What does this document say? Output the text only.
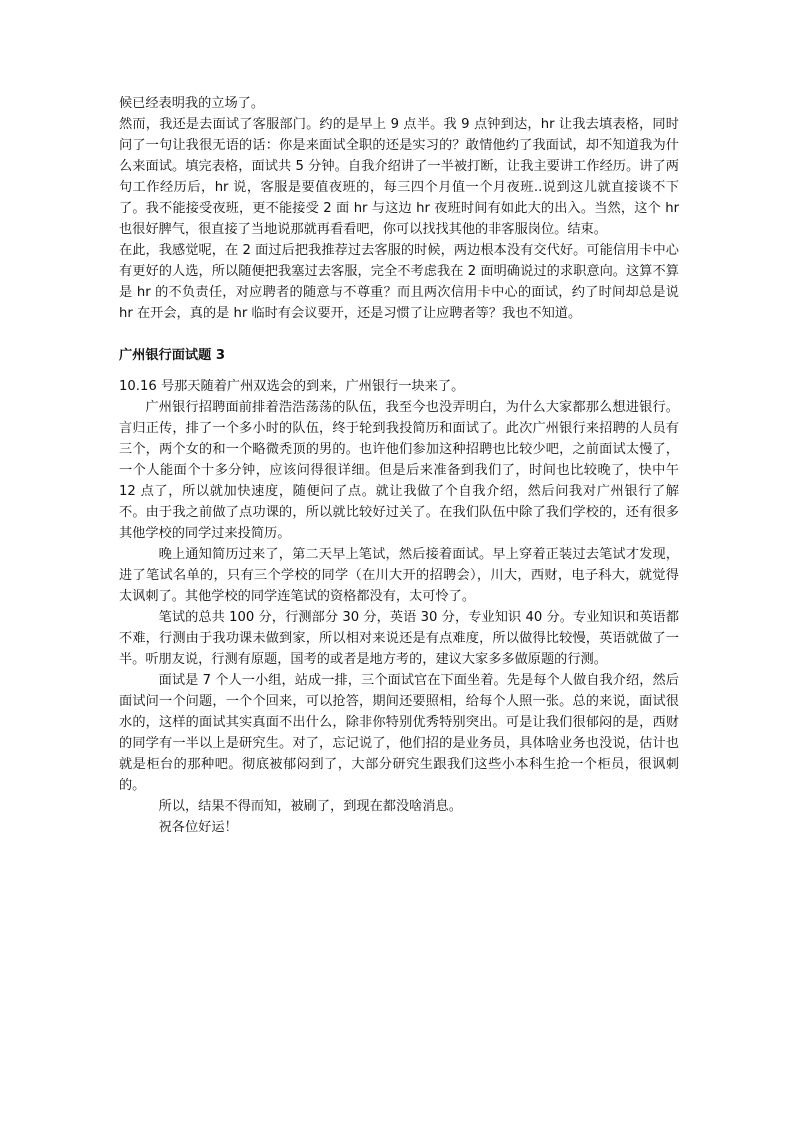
候已经表明我的立场了。

然而，我还是去面试了客服部门。约的是早上 9 点半。我 9 点钟到达，hr 让我去填表格，同时问了一句让我很无语的话：你是来面试全职的还是实习的？敢情他约了我面试，却不知道我为什么来面试。填完表格，面试共 5 分钟。自我介绍讲了一半被打断，让我主要讲工作经历。讲了两句工作经历后，hr 说，客服是要值夜班的，每三四个月值一个月夜班..说到这儿就直接谈不下了。我不能接受夜班，更不能接受 2 面 hr 与这边 hr 夜班时间有如此大的出入。当然，这个 hr 也很好脾气，很直接了当地说那就再看看吧，你可以找找其他的非客服岗位。结束。

在此，我感觉呢，在 2 面过后把我推荐过去客服的时候，两边根本没有交代好。可能信用卡中心有更好的人选，所以随便把我塞过去客服，完全不考虑我在 2 面明确说过的求职意向。这算不算是 hr 的不负责任，对应聘者的随意与不尊重？而且两次信用卡中心的面试，约了时间却总是说 hr 在开会，真的是 hr 临时有会议要开，还是习惯了让应聘者等？我也不知道。

广州银行面试题 3

10.16 号那天随着广州双选会的到来，广州银行一块来了。

广州银行招聘面前排着浩浩荡荡的队伍，我至今也没弄明白，为什么大家都那么想进银行。言归正传，排了一个多小时的队伍，终于轮到我投简历和面试了。此次广州银行来招聘的人员有三个，两个女的和一个略微秃顶的男的。也许他们参加这种招聘也比较少吧，之前面试太慢了，一个人能面个十多分钟，应该问得很详细。但是后来准备到我们了，时间也比较晚了，快中午 12 点了，所以就加快速度，随便问了点。就让我做了个自我介绍，然后问我对广州银行了解不。由于我之前做了点功课的，所以就比较好过关了。在我们队伍中除了我们学校的，还有很多其他学校的同学过来投简历。

晚上通知简历过来了，第二天早上笔试，然后接着面试。早上穿着正装过去笔试才发现，进了笔试名单的，只有三个学校的同学（在川大开的招聘会），川大，西财，电子科大，就觉得太讽刺了。其他学校的同学连笔试的资格都没有，太可怜了。

笔试的总共 100 分，行测部分 30 分，英语 30 分，专业知识 40 分。专业知识和英语都不难，行测由于我功课未做到家，所以相对来说还是有点难度，所以做得比较慢，英语就做了一半。听朋友说，行测有原题，国考的或者是地方考的，建议大家多多做原题的行测。

面试是 7 个人一小组，站成一排，三个面试官在下面坐着。先是每个人做自我介绍，然后面试问一个问题，一个个回来，可以抢答，期间还要照相，给每个人照一张。总的来说，面试很水的，这样的面试其实真面不出什么，除非你特别优秀特别突出。可是让我们很郁闷的是，西财的同学有一半以上是研究生。对了，忘记说了，他们招的是业务员，具体啥业务也没说，估计也就是柜台的那种吧。彻底被郁闷到了，大部分研究生跟我们这些小本科生抢一个柜员，很讽刺的。

所以，结果不得而知，被刷了，到现在都没啥消息。

祝各位好运！
